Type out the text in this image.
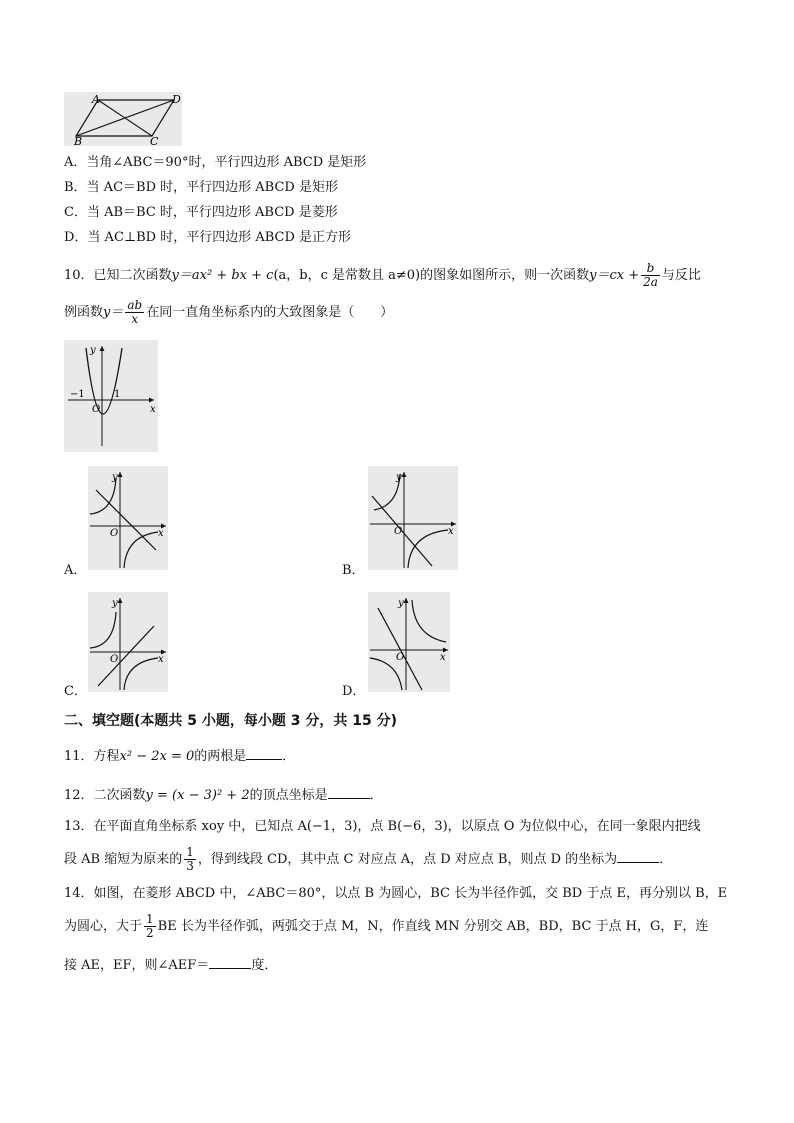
A	D
B	C
A．当角∠ABC＝90°时，平行四边形 ABCD 是矩形
B．当 AC＝BD 时，平行四边形 ABCD 是矩形
C．当 AB＝BC 时，平行四边形 ABCD 是菱形
D．当 AC⊥BD 时，平行四边形 ABCD 是正方形
10．已知二次函数y＝ax² + bx + c(a，b，c 是常数且 a≠0)的图象如图所示，则一次函数$y=cx + \frac{b}{2a}$ 与反比
例函数$y= \frac{ab}{x}$ 在同一直角坐标系内的大致图象是（　　）
y
x
−1
O
1
y
x
O
A．
y
x
O
B．
y
x
O
C．
y
x
O
D．
二、填空题(本题共 5 小题，每小题 3 分，共 15 分)
11．方程x² − 2x = 0的两根是	．
12．二次函数y = (x − 3)² + 2的顶点坐标是	．
13．在平面直角坐标系 xoy 中，已知点 A(−1，3)，点 B(−6，3)，以原点 O 为位似中心，在同一象限内把线
段 AB 缩短为原来的 $\frac{1}{3}$ ，得到线段 CD，其中点 C 对应点 A，点 D 对应点 B，则点 D 的坐标为	．
14．如图，在菱形 ABCD 中，∠ABC＝80°，以点 B 为圆心，BC 长为半径作弧，交 BD 于点 E，再分别以 B，E
为圆心，大于 $\frac{1}{2}$ BE 长为半径作弧，两弧交于点 M，N，作直线 MN 分别交 AB，BD，BC 于点 H，G，F，连
接 AE，EF，则∠AEF＝	度．
